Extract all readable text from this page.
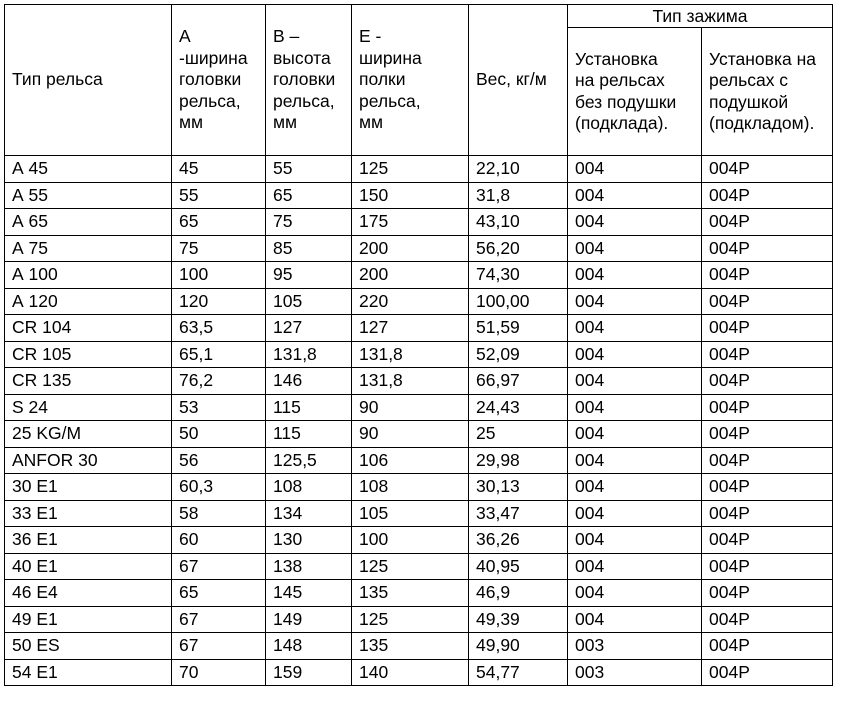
Тип рельса	А
-ширина
головки
рельса,
мм	В –
высота
головки
рельса,
мм	Е -
ширина
полки
рельса,
мм	Вес, кг/м	Тип зажима	

					Установка
на рельсах
без подушки
(подклада).	Установка на
рельсах с
подушкой
(подкладом).

А 45	45	55	125	22,10	004	004Р
А 55	55	65	150	31,8	004	004Р
А 65	65	75	175	43,10	004	004Р
А 75	75	85	200	56,20	004	004Р
А 100	100	95	200	74,30	004	004Р
А 120	120	105	220	100,00	004	004Р
CR 104	63,5	127	127	51,59	004	004Р
CR 105	65,1	131,8	131,8	52,09	004	004Р
CR 135	76,2	146	131,8	66,97	004	004Р
S 24	53	115	90	24,43	004	004Р
25 KG/M	50	115	90	25	004	004Р
ANFOR 30	56	125,5	106	29,98	004	004Р
30 E1	60,3	108	108	30,13	004	004Р
33 E1	58	134	105	33,47	004	004Р
36 E1	60	130	100	36,26	004	004Р
40 E1	67	138	125	40,95	004	004Р
46 E4	65	145	135	46,9	004	004Р
49 E1	67	149	125	49,39	004	004Р
50 ES	67	148	135	49,90	003	004Р
54 E1	70	159	140	54,77	003	004Р
